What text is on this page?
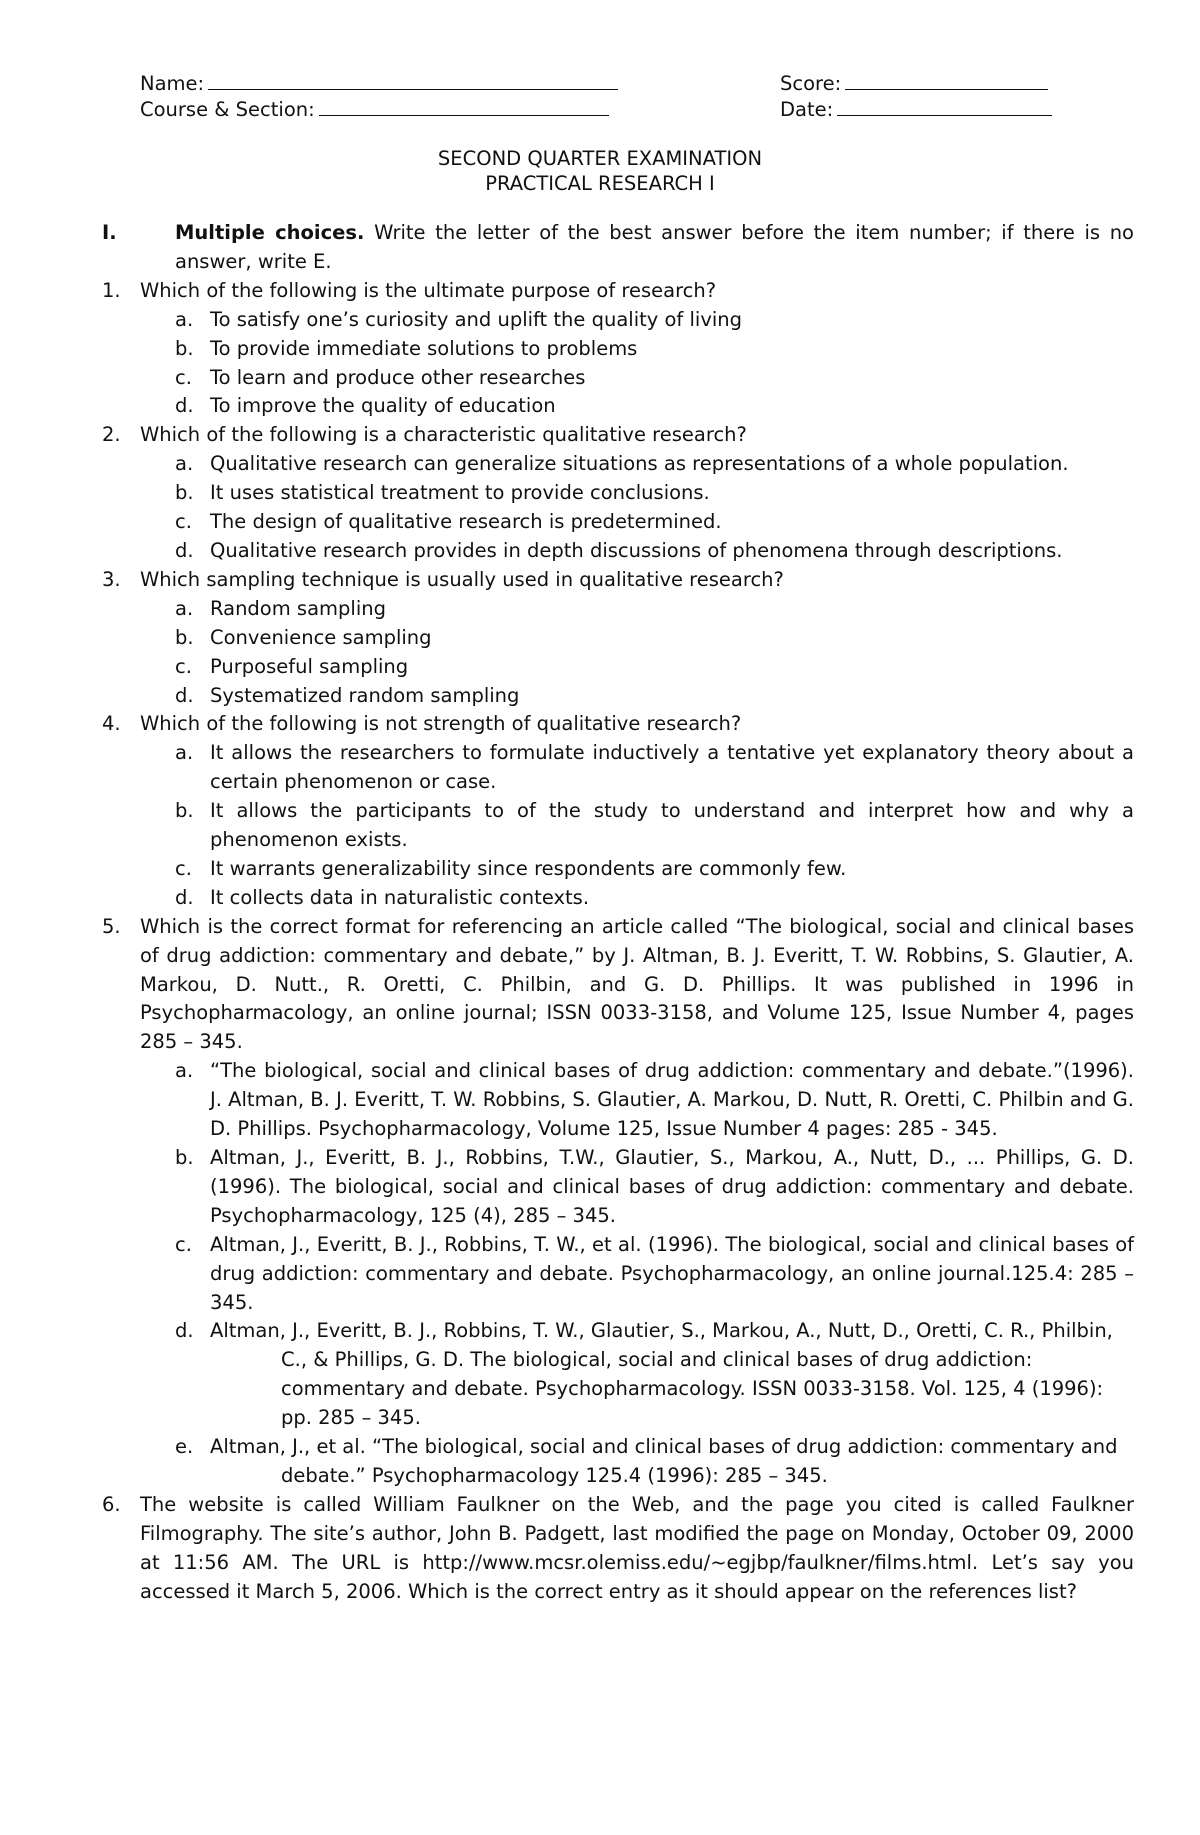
Name:	Score:
Course & Section:	Date:
SECOND QUARTER EXAMINATION
PRACTICAL RESEARCH I
I.	Multiple choices. Write the letter of the best answer before the item number; if there is no answer, write E.
1. Which of the following is the ultimate purpose of research?
a. To satisfy one’s curiosity and uplift the quality of living
b. To provide immediate solutions to problems
c. To learn and produce other researches
d. To improve the quality of education
2. Which of the following is a characteristic qualitative research?
a. Qualitative research can generalize situations as representations of a whole population.
b. It uses statistical treatment to provide conclusions.
c. The design of qualitative research is predetermined.
d. Qualitative research provides in depth discussions of phenomena through descriptions.
3. Which sampling technique is usually used in qualitative research?
a. Random sampling
b. Convenience sampling
c. Purposeful sampling
d. Systematized random sampling
4. Which of the following is not strength of qualitative research?
a. It allows the researchers to formulate inductively a tentative yet explanatory theory about a certain phenomenon or case.
b. It allows the participants to of the study to understand and interpret how and why a phenomenon exists.
c. It warrants generalizability since respondents are commonly few.
d. It collects data in naturalistic contexts.
5. Which is the correct format for referencing an article called “The biological, social and clinical bases of drug addiction: commentary and debate,” by J. Altman, B. J. Everitt, T. W. Robbins, S. Glautier, A. Markou, D. Nutt., R. Oretti, C. Philbin, and G. D. Phillips. It was published in 1996 in Psychopharmacology, an online journal; ISSN 0033-3158, and Volume 125, Issue Number 4, pages 285 – 345.
a. “The biological, social and clinical bases of drug addiction: commentary and debate.”(1996). J. Altman, B. J. Everitt, T. W. Robbins, S. Glautier, A. Markou, D. Nutt, R. Oretti, C. Philbin and G. D. Phillips. Psychopharmacology, Volume 125, Issue Number 4 pages: 285 - 345.
b. Altman, J., Everitt, B. J., Robbins, T.W., Glautier, S., Markou, A., Nutt, D., ... Phillips, G. D. (1996). The biological, social and clinical bases of drug addiction: commentary and debate. Psychopharmacology, 125 (4), 285 – 345.
c. Altman, J., Everitt, B. J., Robbins, T. W., et al. (1996). The biological, social and clinical bases of drug addiction: commentary and debate. Psychopharmacology, an online journal.125.4: 285 – 345.
d. Altman, J., Everitt, B. J., Robbins, T. W., Glautier, S., Markou, A., Nutt, D., Oretti, C. R., Philbin, C., & Phillips, G. D. The biological, social and clinical bases of drug addiction: commentary and debate. Psychopharmacology. ISSN 0033-3158. Vol. 125, 4 (1996): pp. 285 – 345.
e. Altman, J., et al. “The biological, social and clinical bases of drug addiction: commentary and debate.” Psychopharmacology 125.4 (1996): 285 – 345.
6. The website is called William Faulkner on the Web, and the page you cited is called Faulkner Filmography. The site’s author, John B. Padgett, last modified the page on Monday, October 09, 2000 at 11:56 AM. The URL is http://www.mcsr.olemiss.edu/~egjbp/faulkner/films.html. Let’s say you accessed it March 5, 2006. Which is the correct entry as it should appear on the references list?
